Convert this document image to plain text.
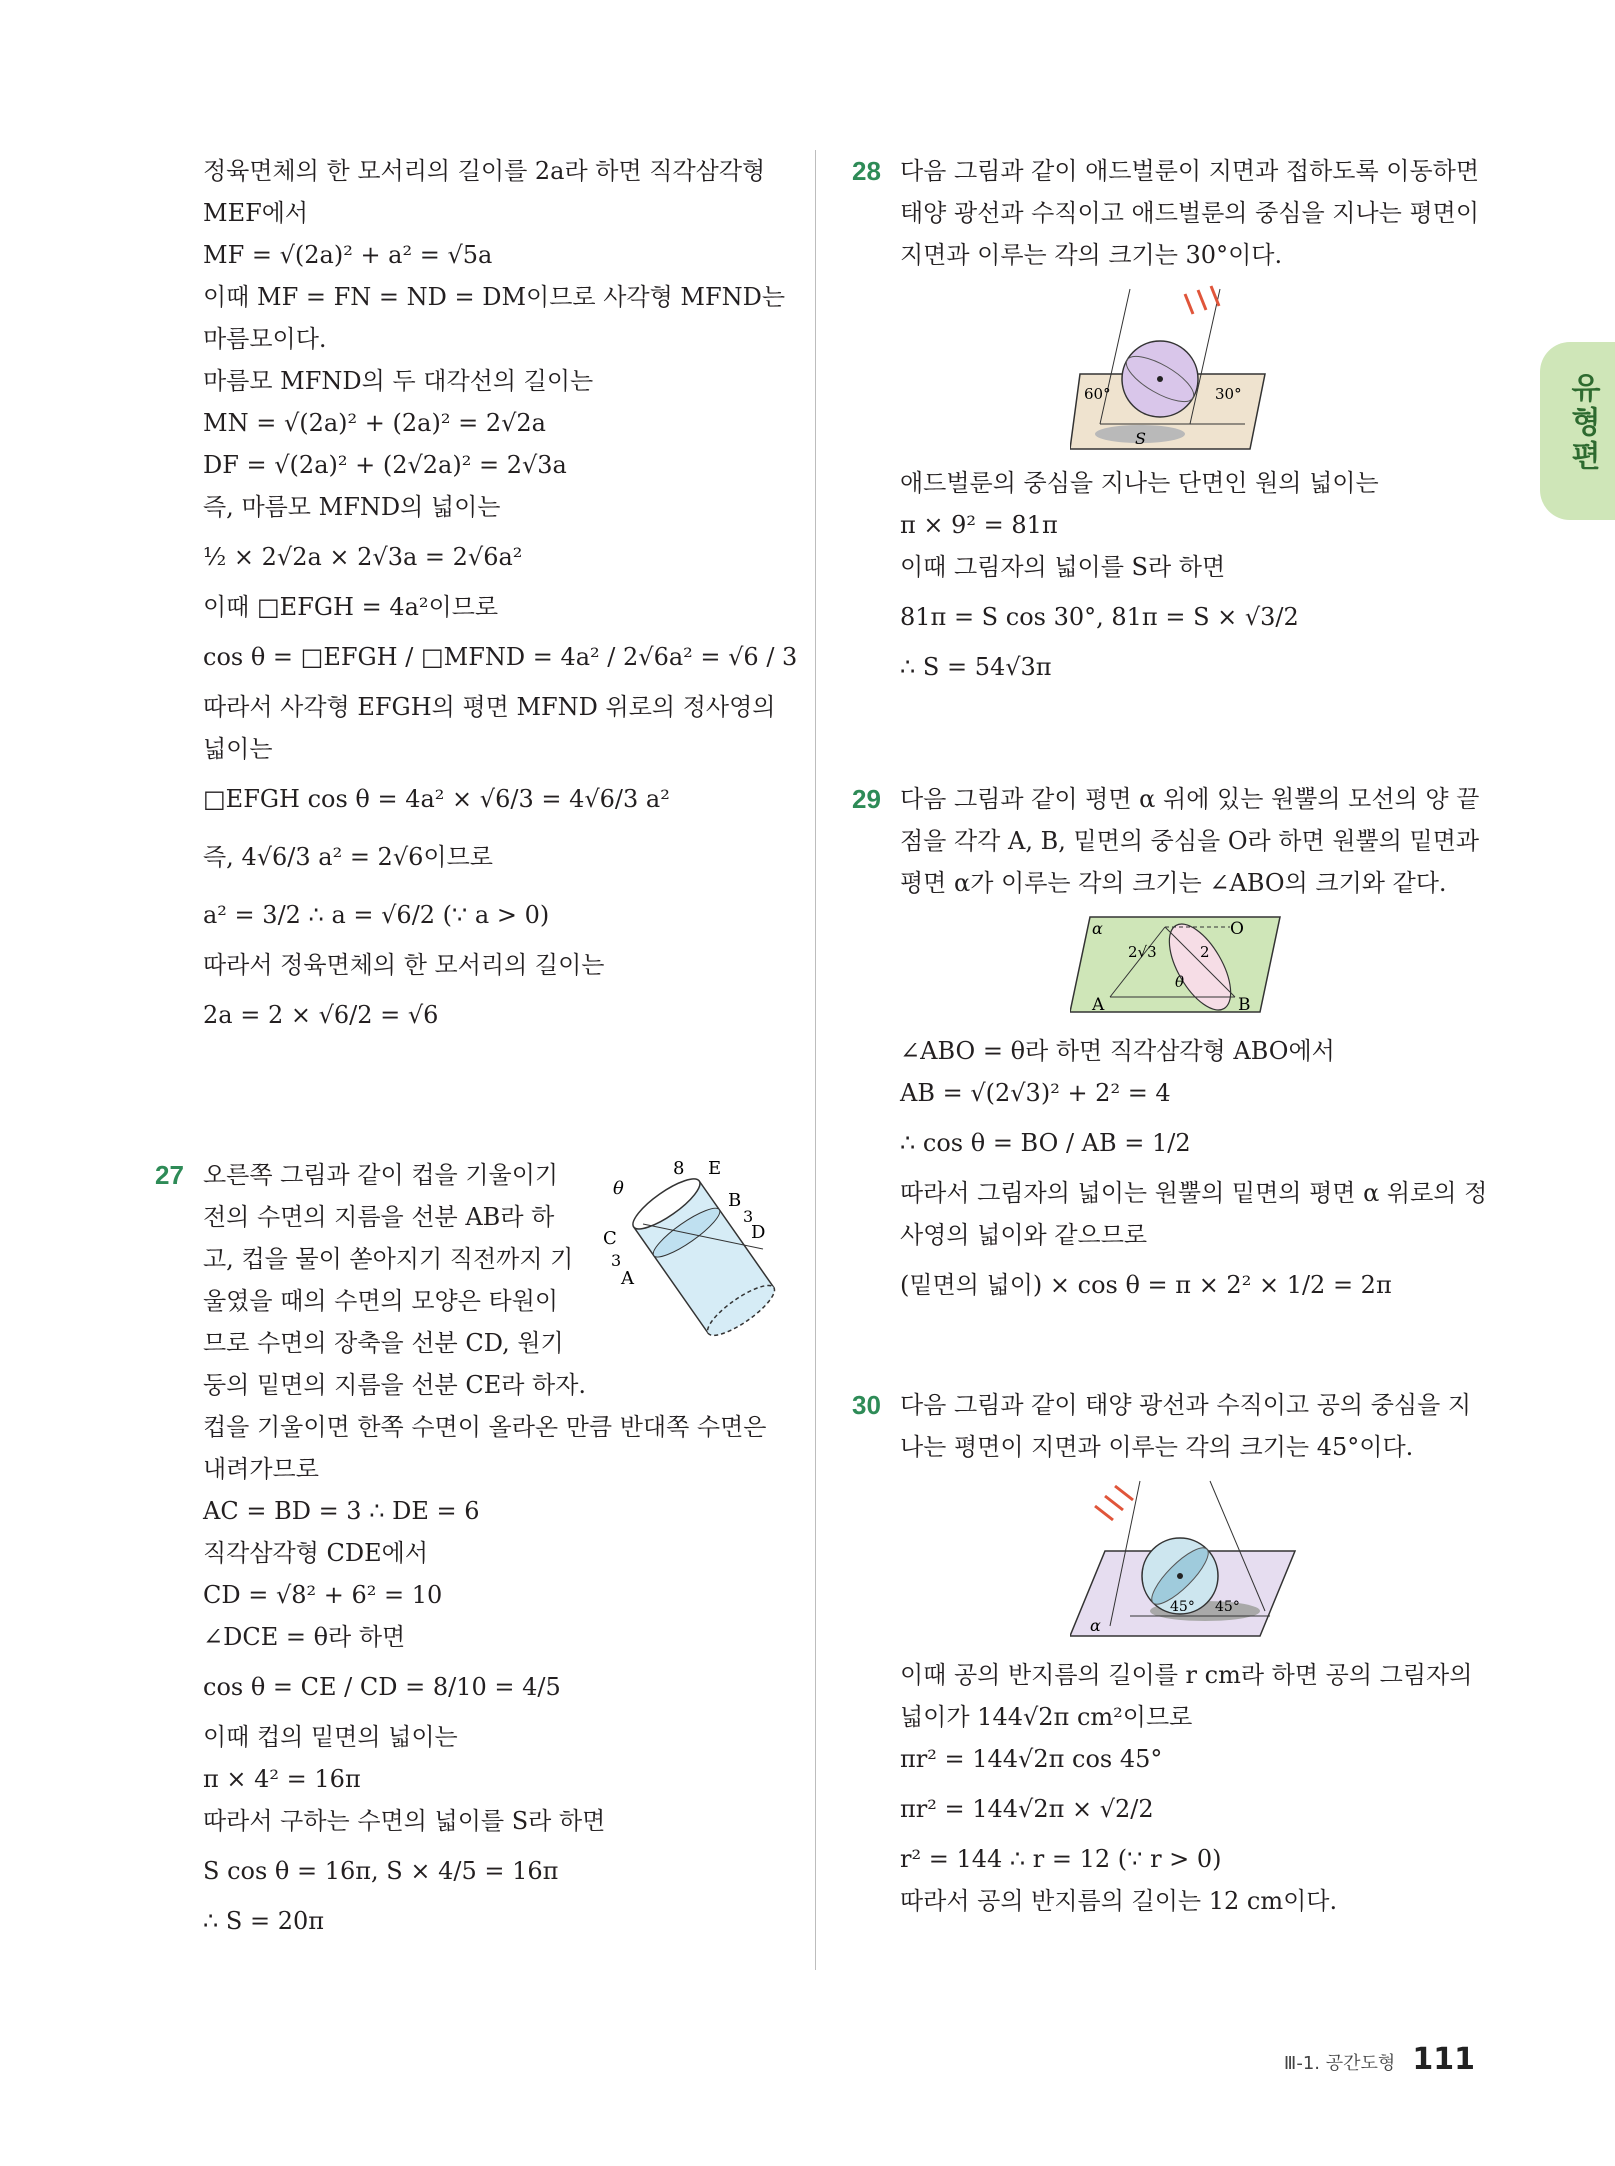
정육면체의 한 모서리의 길이를 2a라 하면 직각삼각형
MEF에서
MF = √(2a)² + a² = √5a
이때 MF = FN = ND = DM이므로 사각형 MFND는
마름모이다.
마름모 MFND의 두 대각선의 길이는
MN = √(2a)² + (2a)² = 2√2a
DF = √(2a)² + (2√2a)² = 2√3a
즉, 마름모 MFND의 넓이는
½ × 2√2a × 2√3a = 2√6a²
이때 □EFGH = 4a²이므로
cos θ = □EFGH / □MFND = 4a² / 2√6a² = √6 / 3
따라서 사각형 EFGH의 평면 MFND 위로의 정사영의
넓이는
□EFGH cos θ = 4a² × √6/3 = 4√6/3 a²
즉, 4√6/3 a² = 2√6이므로
a² = 3/2 ∴ a = √6/2 (∵ a > 0)
따라서 정육면체의 한 모서리의 길이는
2a = 2 × √6/2 = √6
27	θ
8 E
B
3
D
C
3
A
오른쪽 그림과 같이 컵을 기울이기
전의 수면의 지름을 선분 AB라 하
고, 컵을 물이 쏟아지기 직전까지 기
울였을 때의 수면의 모양은 타원이
므로 수면의 장축을 선분 CD, 원기
둥의 밑면의 지름을 선분 CE라 하자.
컵을 기울이면 한쪽 수면이 올라온 만큼 반대쪽 수면은
내려가므로
AC = BD = 3 ∴ DE = 6
직각삼각형 CDE에서
CD = √8² + 6² = 10
∠DCE = θ라 하면
cos θ = CE / CD = 8/10 = 4/5
이때 컵의 밑면의 넓이는
π × 4² = 16π
따라서 구하는 수면의 넓이를 S라 하면
S cos θ = 16π, S × 4/5 = 16π
∴ S = 20π
28 다음 그림과 같이 애드벌룬이 지면과 접하도록 이동하면
태양 광선과 수직이고 애드벌룬의 중심을 지나는 평면이
지면과 이루는 각의 크기는 30°이다.
60°	30°
S
애드벌룬의 중심을 지나는 단면인 원의 넓이는
π × 9² = 81π
이때 그림자의 넓이를 S라 하면
81π = S cos 30°, 81π = S × √3/2
∴ S = 54√3π
29 다음 그림과 같이 평면 α 위에 있는 원뿔의 모선의 양 끝
점을 각각 A, B, 밑면의 중심을 O라 하면 원뿔의 밑면과
평면 α가 이루는 각의 크기는 ∠ABO의 크기와 같다.
α	O
2√3	2
θ
A	B
∠ABO = θ라 하면 직각삼각형 ABO에서
AB = √(2√3)² + 2² = 4
∴ cos θ = BO / AB = 1/2
따라서 그림자의 넓이는 원뿔의 밑면의 평면 α 위로의 정
사영의 넓이와 같으므로
(밑면의 넓이) × cos θ = π × 2² × 1/2 = 2π
30 다음 그림과 같이 태양 광선과 수직이고 공의 중심을 지
나는 평면이 지면과 이루는 각의 크기는 45°이다.
45° 45°
α
이때 공의 반지름의 길이를 r cm라 하면 공의 그림자의
넓이가 144√2π cm²이므로
πr² = 144√2π cos 45°
πr² = 144√2π × √2/2
r² = 144 ∴ r = 12 (∵ r > 0)
따라서 공의 반지름의 길이는 12 cm이다.
유형편
Ⅲ-1. 공간도형 111
